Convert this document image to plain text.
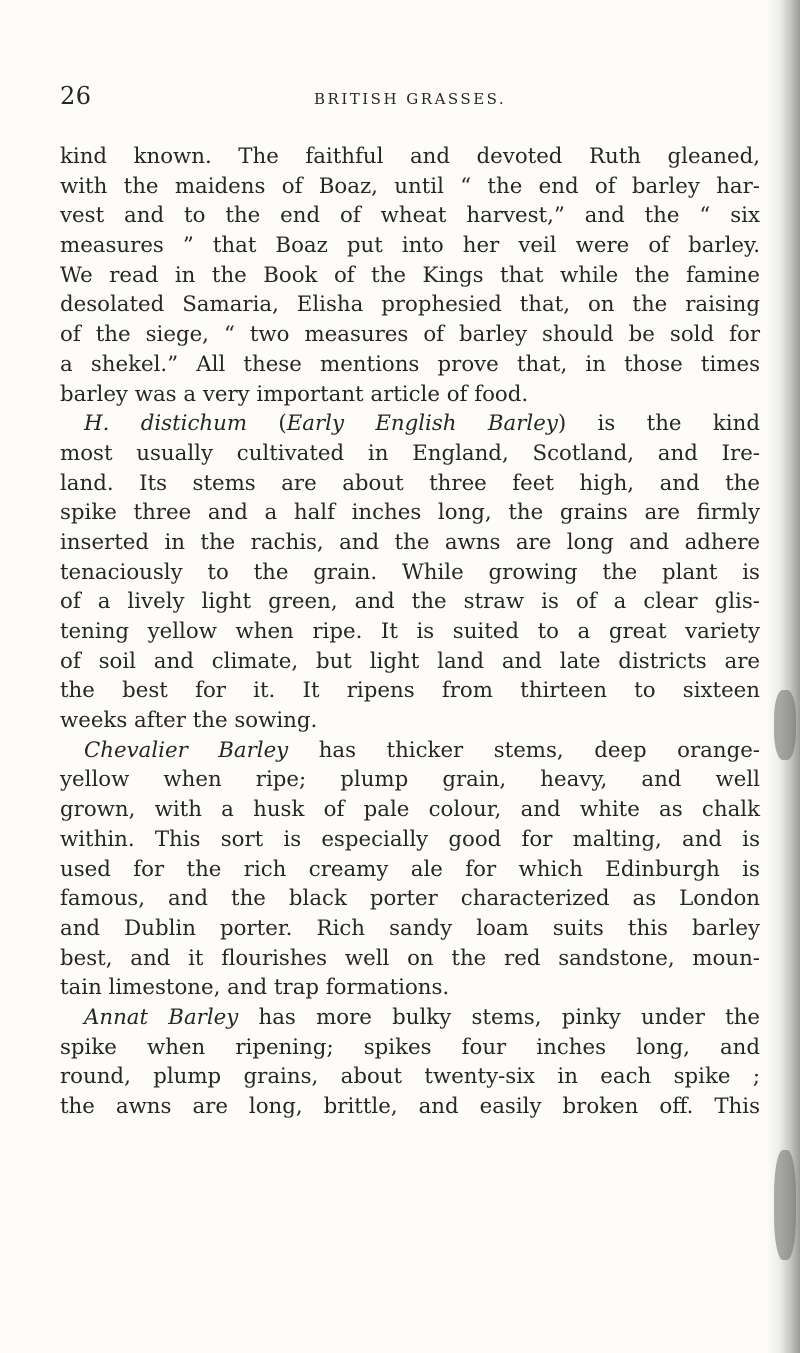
26	BRITISH GRASSES.
kind known. The faithful and devoted Ruth gleaned,
with the maidens of Boaz, until “ the end of barley har-
vest and to the end of wheat harvest,” and the “ six
measures ” that Boaz put into her veil were of barley.
We read in the Book of the Kings that while the famine
desolated Samaria, Elisha prophesied that, on the raising
of the siege, “ two measures of barley should be sold for
a shekel.” All these mentions prove that, in those times
barley was a very important article of food.
H. distichum (Early English Barley) is the kind
most usually cultivated in England, Scotland, and Ire-
land. Its stems are about three feet high, and the
spike three and a half inches long, the grains are firmly
inserted in the rachis, and the awns are long and adhere
tenaciously to the grain. While growing the plant is
of a lively light green, and the straw is of a clear glis-
tening yellow when ripe. It is suited to a great variety
of soil and climate, but light land and late districts are
the best for it. It ripens from thirteen to sixteen
weeks after the sowing.
Chevalier Barley has thicker stems, deep orange-
yellow when ripe; plump grain, heavy, and well
grown, with a husk of pale colour, and white as chalk
within. This sort is especially good for malting, and is
used for the rich creamy ale for which Edinburgh is
famous, and the black porter characterized as London
and Dublin porter. Rich sandy loam suits this barley
best, and it flourishes well on the red sandstone, moun-
tain limestone, and trap formations.
Annat Barley has more bulky stems, pinky under the
spike when ripening; spikes four inches long, and
round, plump grains, about twenty-six in each spike ;
the awns are long, brittle, and easily broken off. This
